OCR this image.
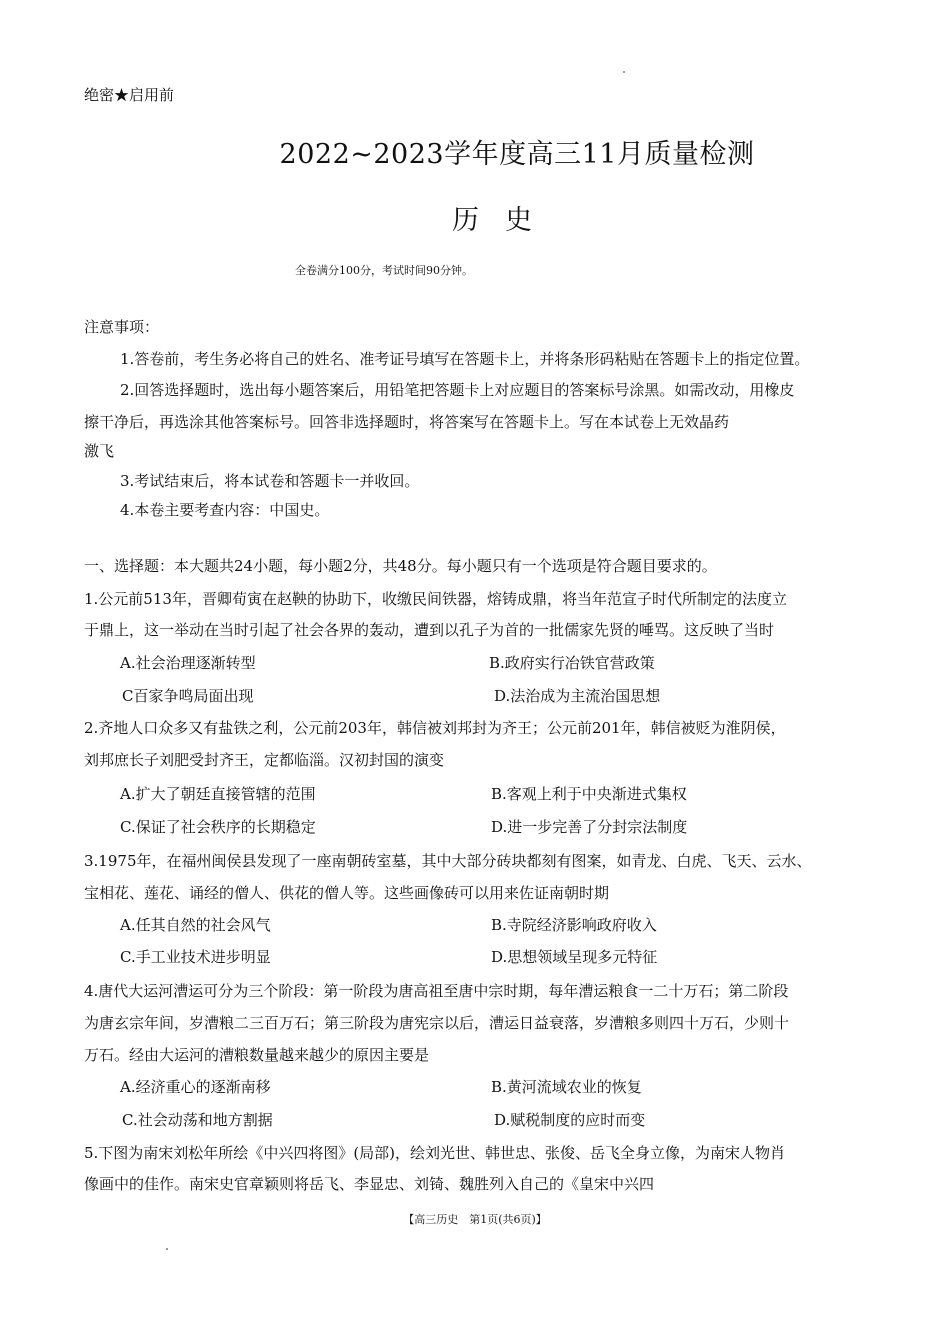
绝密★启用前
2022~2023学年度高三11月质量检测
历史
全卷满分100分，考试时间90分钟。
注意事项：
1.答卷前，考生务必将自己的姓名、准考证号填写在答题卡上，并将条形码粘贴在答题卡上的指定位置。
2.回答选择题时，选出每小题答案后，用铅笔把答题卡上对应题目的答案标号涂黑。如需改动，用橡皮
擦干净后，再选涂其他答案标号。回答非选择题时，将答案写在答题卡上。写在本试卷上无效晶药
激飞
3.考试结束后，将本试卷和答题卡一并收回。
4.本卷主要考查内容：中国史。
一、选择题：本大题共24小题，每小题2分，共48分。每小题只有一个选项是符合题目要求的。
1.公元前513年，晋卿荀寅在赵鞅的协助下，收缴民间铁器，熔铸成鼎，将当年范宣子时代所制定的法度立
于鼎上，这一举动在当时引起了社会各界的轰动，遭到以孔子为首的一批儒家先贤的唾骂。这反映了当时
A.社会治理逐渐转型	B.政府实行冶铁官营政策
C百家争鸣局面出现	D.法治成为主流治国思想
2.齐地人口众多又有盐铁之利，公元前203年，韩信被刘邦封为齐王；公元前201年，韩信被贬为淮阴侯，
刘邦庶长子刘肥受封齐王，定都临淄。汉初封国的演变
A.扩大了朝廷直接管辖的范围	B.客观上利于中央渐进式集权
C.保证了社会秩序的长期稳定	D.进一步完善了分封宗法制度
3.1975年，在福州闽侯县发现了一座南朝砖室墓，其中大部分砖块都刻有图案，如青龙、白虎、飞天、云水、
宝相花、莲花、诵经的僧人、供花的僧人等。这些画像砖可以用来佐证南朝时期
A.任其自然的社会风气	B.寺院经济影响政府收入
C.手工业技术进步明显	D.思想领域呈现多元特征
4.唐代大运河漕运可分为三个阶段：第一阶段为唐高祖至唐中宗时期，每年漕运粮食一二十万石；第二阶段
为唐玄宗年间，岁漕粮二三百万石；第三阶段为唐宪宗以后，漕运日益衰落，岁漕粮多则四十万石，少则十
万石。经由大运河的漕粮数量越来越少的原因主要是
A.经济重心的逐渐南移	B.黄河流域农业的恢复
C.社会动荡和地方割据	D.赋税制度的应时而变
5.下图为南宋刘松年所绘《中兴四将图》(局部)，绘刘光世、韩世忠、张俊、岳飞全身立像，为南宋人物肖
像画中的佳作。南宋史官章颖则将岳飞、李显忠、刘锜、魏胜列入自己的《皇宋中兴四
【高三历史　第1页(共6页)】
